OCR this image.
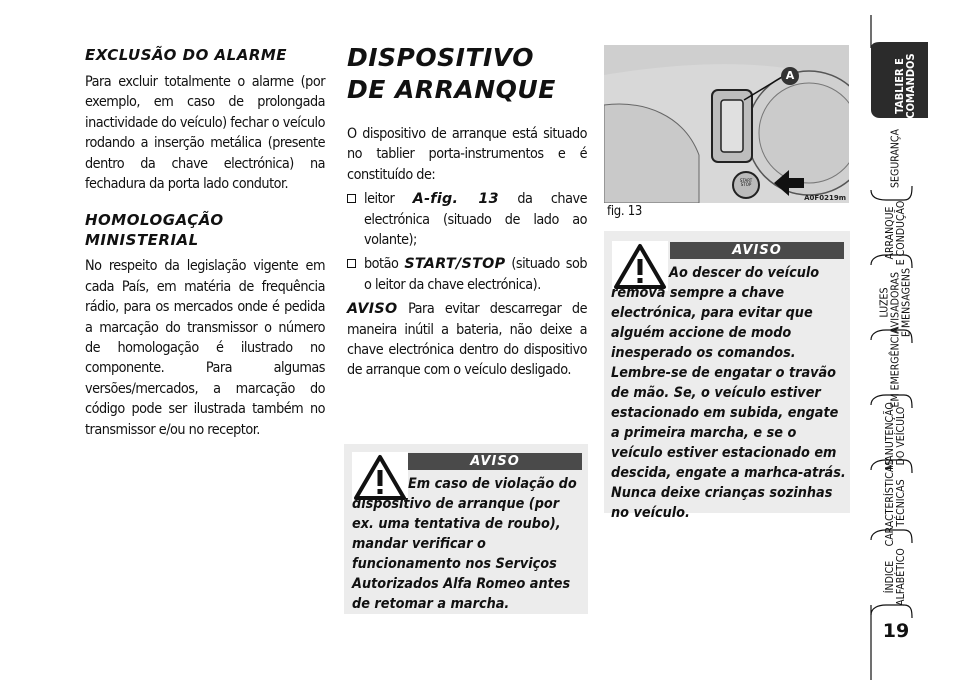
EXCLUSÃO DO ALARME

Para excluir totalmente o alarme (por exemplo, em caso de prolongada inactividade do veículo) fechar o veículo rodando a inserção metálica (presente dentro da chave electrónica) na fechadura da porta lado condutor.

HOMOLOGAÇÃO
MINISTERIAL

No respeito da legislação vigente em cada País, em matéria de frequência rádio, para os mercados onde é pedida a marcação do transmissor o número de homologação é ilustrado no componente. Para algumas versões/mercados, a marcação do código pode ser ilustrada também no transmissor e/ou no receptor.

DISPOSITIVO
DE ARRANQUE

O dispositivo de arranque está situado no tablier porta-instrumentos e é constituído de:

leitor A-fig. 13 da chave electrónica (situado de lado ao volante);
botão START/STOP (situado sob o leitor da chave electrónica).

AVISO Para evitar descarregar de maneira inútil a bateria, não deixe a chave electrónica dentro do dispositivo de arranque com o veículo desligado.

AVISO
Em caso de violação do dispositivo de arranque (por ex. uma tentativa de roubo), mandar verificar o funcionamento nos Serviços Autorizados Alfa Romeo antes de retomar a marcha.
A
START STOP
A0F0219m
fig. 13
AVISO
Ao descer do veículo remova sempre a chave electrónica, para evitar que alguém accione de modo inesperado os comandos. Lembre-se de engatar o travão de mão. Se, o veículo estiver estacionado em subida, engate a primeira marcha, e se o veículo estiver estacionado em descida, engate a marhca-atrás. Nunca deixe crianças sozinhas no veículo.
TABLIER E
COMANDOS
SEGURANÇA
ARRANQUE
E CONDUÇÃO
LUZES
AVISADORAS
E MENSAGENS
EM EMERGÊNCIA
MANUTENÇÃO
DO VEÍCULO
CARACTERÍSTICAS
TÉCNICAS
ÍNDICE
ALFABÉTICO
19
